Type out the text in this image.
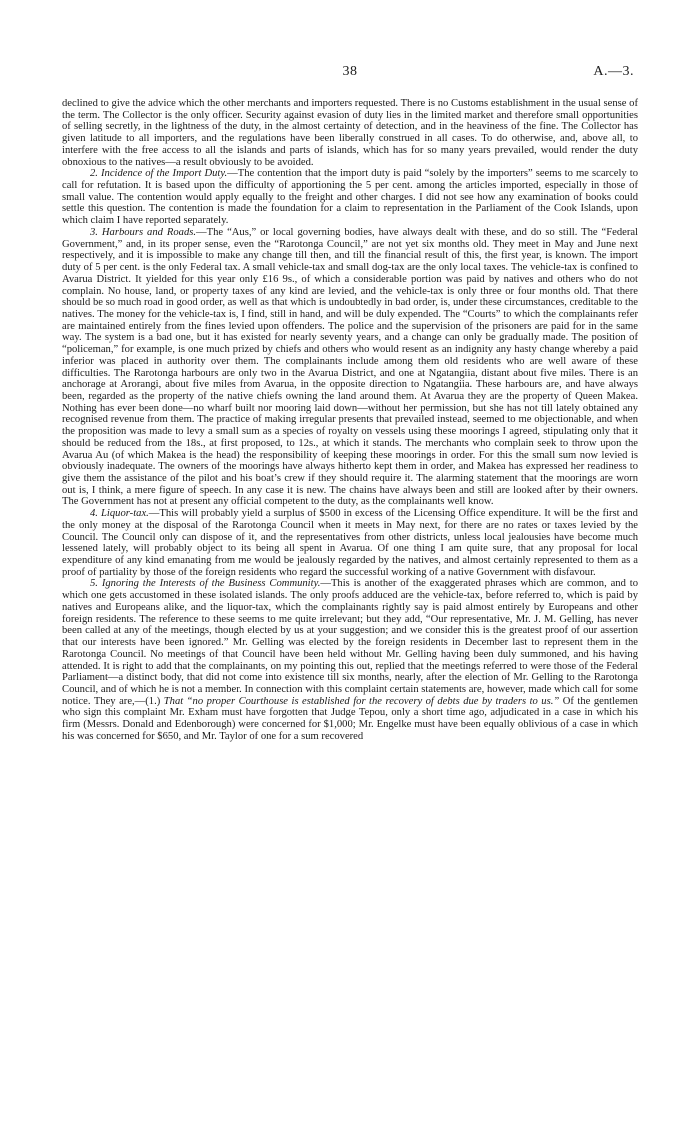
38	A.—3.

declined to give the advice which the other merchants and importers requested. There is no Customs establishment in the usual sense of the term. The Collector is the only officer. Security against evasion of duty lies in the limited market and therefore small opportunities of selling secretly, in the lightness of the duty, in the almost certainty of detection, and in the heaviness of the fine. The Collector has given latitude to all importers, and the regulations have been liberally construed in all cases. To do otherwise, and, above all, to interfere with the free access to all the islands and parts of islands, which has for so many years prevailed, would render the duty obnoxious to the natives—a result obviously to be avoided.

2. Incidence of the Import Duty.—The contention that the import duty is paid “solely by the importers” seems to me scarcely to call for refutation. It is based upon the difficulty of apportioning the 5 per cent. among the articles imported, especially in those of small value. The contention would apply equally to the freight and other charges. I did not see how any examination of books could settle this question. The contention is made the foundation for a claim to representation in the Parliament of the Cook Islands, upon which claim I have reported separately.

3. Harbours and Roads.—The “Aus,” or local governing bodies, have always dealt with these, and do so still. The “Federal Government,” and, in its proper sense, even the “Rarotonga Council,” are not yet six months old. They meet in May and June next respectively, and it is impossible to make any change till then, and till the financial result of this, the first year, is known. The import duty of 5 per cent. is the only Federal tax. A small vehicle-tax and small dog-tax are the only local taxes. The vehicle-tax is confined to Avarua District. It yielded for this year only £16 9s., of which a considerable portion was paid by natives and others who do not complain. No house, land, or property taxes of any kind are levied, and the vehicle-tax is only three or four months old. That there should be so much road in good order, as well as that which is undoubtedly in bad order, is, under these circumstances, creditable to the natives. The money for the vehicle-tax is, I find, still in hand, and will be duly expended. The “Courts” to which the complainants refer are maintained entirely from the fines levied upon offenders. The police and the supervision of the prisoners are paid for in the same way. The system is a bad one, but it has existed for nearly seventy years, and a change can only be gradually made. The position of “policeman,” for example, is one much prized by chiefs and others who would resent as an indignity any hasty change whereby a paid inferior was placed in authority over them. The complainants include among them old residents who are well aware of these difficulties. The Rarotonga harbours are only two in the Avarua District, and one at Ngatangiia, distant about five miles. There is an anchorage at Arorangi, about five miles from Avarua, in the opposite direction to Ngatangiia. These harbours are, and have always been, regarded as the property of the native chiefs owning the land around them. At Avarua they are the property of Queen Makea. Nothing has ever been done—no wharf built nor mooring laid down—without her permission, but she has not till lately obtained any recognised revenue from them. The practice of making irregular presents that prevailed instead, seemed to me objectionable, and when the proposition was made to levy a small sum as a species of royalty on vessels using these moorings I agreed, stipulating only that it should be reduced from the 18s., at first proposed, to 12s., at which it stands. The merchants who complain seek to throw upon the Avarua Au (of which Makea is the head) the responsibility of keeping these moorings in order. For this the small sum now levied is obviously inadequate. The owners of the moorings have always hitherto kept them in order, and Makea has expressed her readiness to give them the assistance of the pilot and his boat’s crew if they should require it. The alarming statement that the moorings are worn out is, I think, a mere figure of speech. In any case it is new. The chains have always been and still are looked after by their owners. The Government has not at present any official competent to the duty, as the complainants well know.

4. Liquor-tax.—This will probably yield a surplus of $500 in excess of the Licensing Office expenditure. It will be the first and the only money at the disposal of the Rarotonga Council when it meets in May next, for there are no rates or taxes levied by the Council. The Council only can dispose of it, and the representatives from other districts, unless local jealousies have become much lessened lately, will probably object to its being all spent in Avarua. Of one thing I am quite sure, that any proposal for local expenditure of any kind emanating from me would be jealously regarded by the natives, and almost certainly represented to them as a proof of partiality by those of the foreign residents who regard the successful working of a native Government with disfavour.

5. Ignoring the Interests of the Business Community.—This is another of the exaggerated phrases which are common, and to which one gets accustomed in these isolated islands. The only proofs adduced are the vehicle-tax, before referred to, which is paid by natives and Europeans alike, and the liquor-tax, which the complainants rightly say is paid almost entirely by Europeans and other foreign residents. The reference to these seems to me quite irrelevant; but they add, “Our representative, Mr. J. M. Gelling, has never been called at any of the meetings, though elected by us at your suggestion; and we consider this is the greatest proof of our assertion that our interests have been ignored.” Mr. Gelling was elected by the foreign residents in December last to represent them in the Rarotonga Council. No meetings of that Council have been held without Mr. Gelling having been duly summoned, and his having attended. It is right to add that the complainants, on my pointing this out, replied that the meetings referred to were those of the Federal Parliament—a distinct body, that did not come into existence till six months, nearly, after the election of Mr. Gelling to the Rarotonga Council, and of which he is not a member. In connection with this complaint certain statements are, however, made which call for some notice. They are,—(1.) That “no proper Courthouse is established for the recovery of debts due by traders to us.” Of the gentlemen who sign this complaint Mr. Exham must have forgotten that Judge Tepou, only a short time ago, adjudicated in a case in which his firm (Messrs. Donald and Edenborough) were concerned for $1,000; Mr. Engelke must have been equally oblivious of a case in which his was concerned for $650, and Mr. Taylor of one for a sum recovered
